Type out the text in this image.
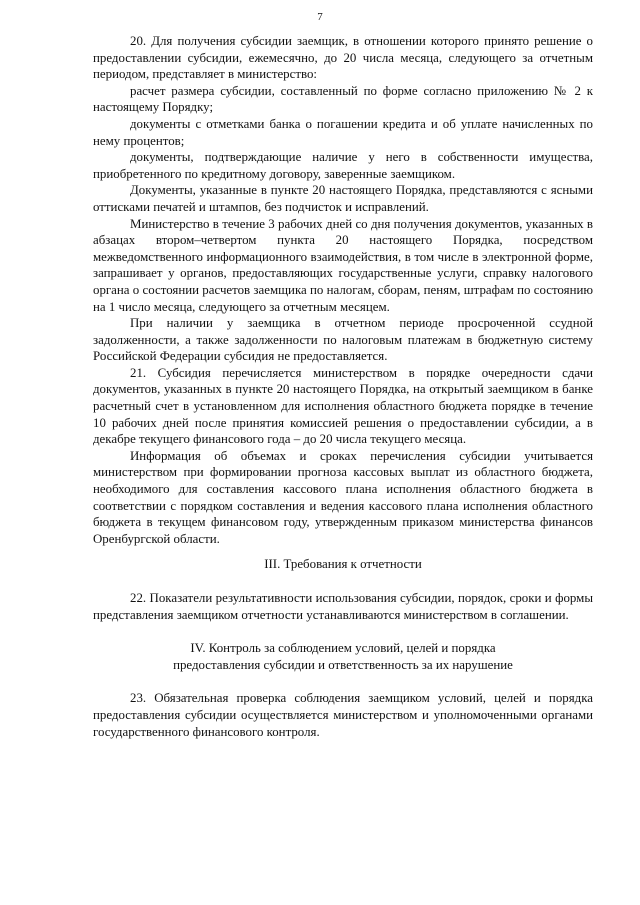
7

20. Для получения субсидии заемщик, в отношении которого принято решение о предоставлении субсидии, ежемесячно, до 20 числа месяца, следующего за отчетным периодом, представляет в министерство:

расчет размера субсидии, составленный по форме согласно приложению № 2 к настоящему Порядку;

документы с отметками банка о погашении кредита и об уплате начисленных по нему процентов;

документы, подтверждающие наличие у него в собственности имущества, приобретенного по кредитному договору, заверенные заемщиком.

Документы, указанные в пункте 20 настоящего Порядка, представляются с ясными оттисками печатей и штампов, без подчисток и исправлений.

Министерство в течение 3 рабочих дней со дня получения документов, указанных в абзацах втором–четвертом пункта 20 настоящего Порядка, посредством межведомственного информационного взаимодействия, в том числе в электронной форме, запрашивает у органов, предоставляющих государственные услуги, справку налогового органа о состоянии расчетов заемщика по налогам, сборам, пеням, штрафам по состоянию на 1 число месяца, следующего за отчетным месяцем.

При наличии у заемщика в отчетном периоде просроченной ссудной задолженности, а также задолженности по налоговым платежам в бюджетную систему Российской Федерации субсидия не предоставляется.

21. Субсидия перечисляется министерством в порядке очередности сдачи документов, указанных в пункте 20 настоящего Порядка, на открытый заемщиком в банке расчетный счет в установленном для исполнения областного бюджета порядке в течение 10 рабочих дней после принятия комиссией решения о предоставлении субсидии, а в декабре текущего финансового года – до 20 числа текущего месяца.

Информация об объемах и сроках перечисления субсидии учитывается министерством при формировании прогноза кассовых выплат из областного бюджета, необходимого для составления кассового плана исполнения областного бюджета в соответствии с порядком составления и ведения кассового плана исполнения областного бюджета в текущем финансовом году, утвержденным приказом министерства финансов Оренбургской области.

III. Требования к отчетности

22. Показатели результативности использования субсидии, порядок, сроки и формы представления заемщиком отчетности устанавливаются министерством в соглашении.

IV. Контроль за соблюдением условий, целей и порядка
предоставления субсидии и ответственность за их нарушение

23. Обязательная проверка соблюдения заемщиком условий, целей и порядка предоставления субсидии осуществляется министерством и уполномоченными органами государственного финансового контроля.
